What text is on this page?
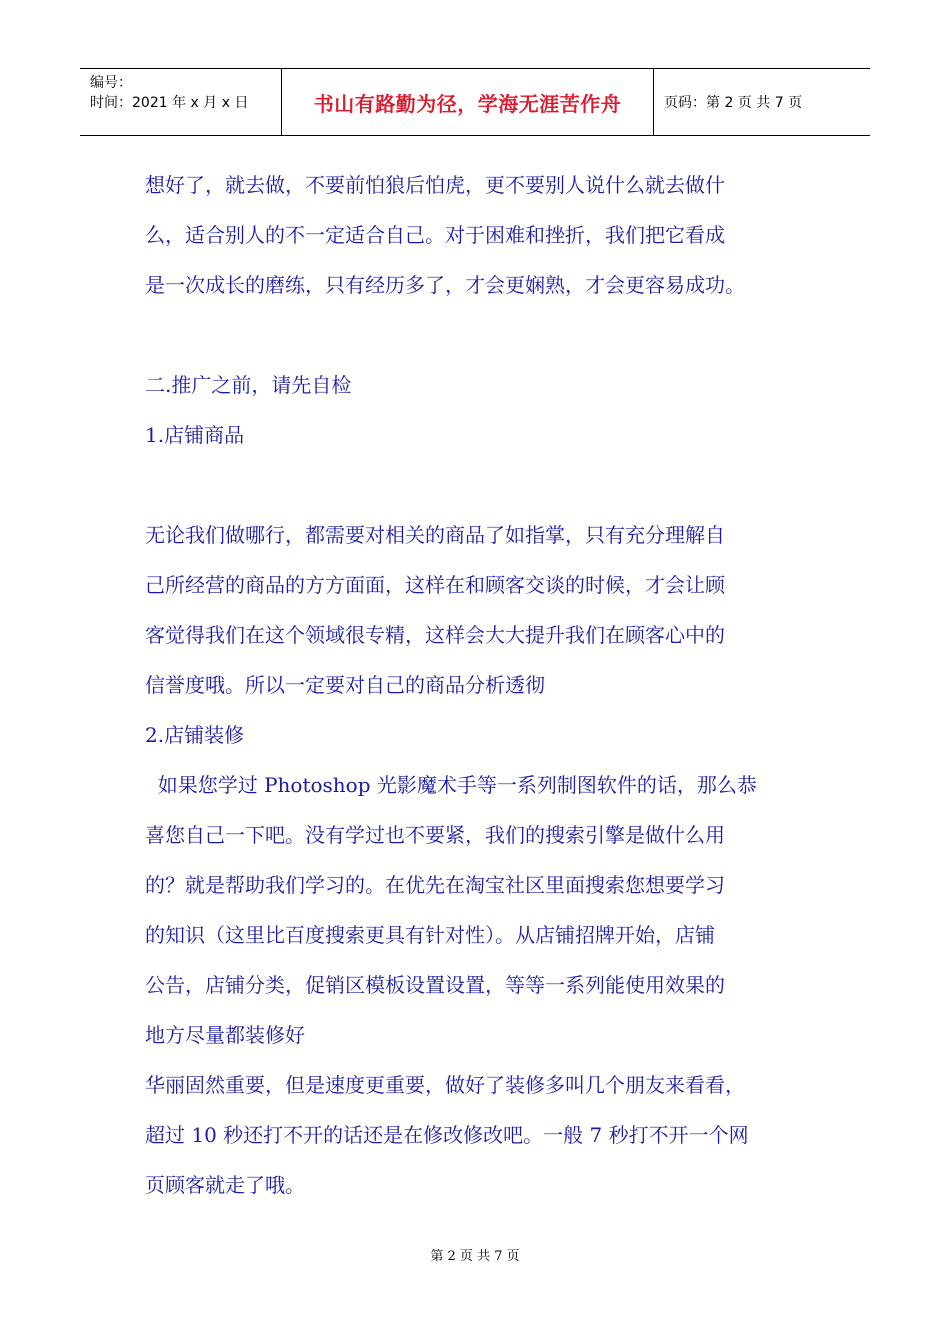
编号：
时间：2021 年 x 月 x 日	书山有路勤为径，学海无涯苦作舟	页码：第 2 页 共 7 页
想好了，就去做，不要前怕狼后怕虎，更不要别人说什么就去做什
么，适合别人的不一定适合自己。对于困难和挫折，我们把它看成
是一次成长的磨练，只有经历多了，才会更娴熟，才会更容易成功。
二.推广之前，请先自检
1.店铺商品
无论我们做哪行，都需要对相关的商品了如指掌，只有充分理解自
己所经营的商品的方方面面，这样在和顾客交谈的时候，才会让顾
客觉得我们在这个领域很专精，这样会大大提升我们在顾客心中的
信誉度哦。所以一定要对自己的商品分析透彻
2.店铺装修
如果您学过 Photoshop 光影魔术手等一系列制图软件的话，那么恭
喜您自己一下吧。没有学过也不要紧，我们的搜索引擎是做什么用
的？就是帮助我们学习的。在优先在淘宝社区里面搜索您想要学习
的知识（这里比百度搜索更具有针对性）。从店铺招牌开始，店铺
公告，店铺分类，促销区模板设置设置，等等一系列能使用效果的
地方尽量都装修好
华丽固然重要，但是速度更重要，做好了装修多叫几个朋友来看看，
超过 10 秒还打不开的话还是在修改修改吧。一般 7 秒打不开一个网
页顾客就走了哦。
第 2 页 共 7 页
